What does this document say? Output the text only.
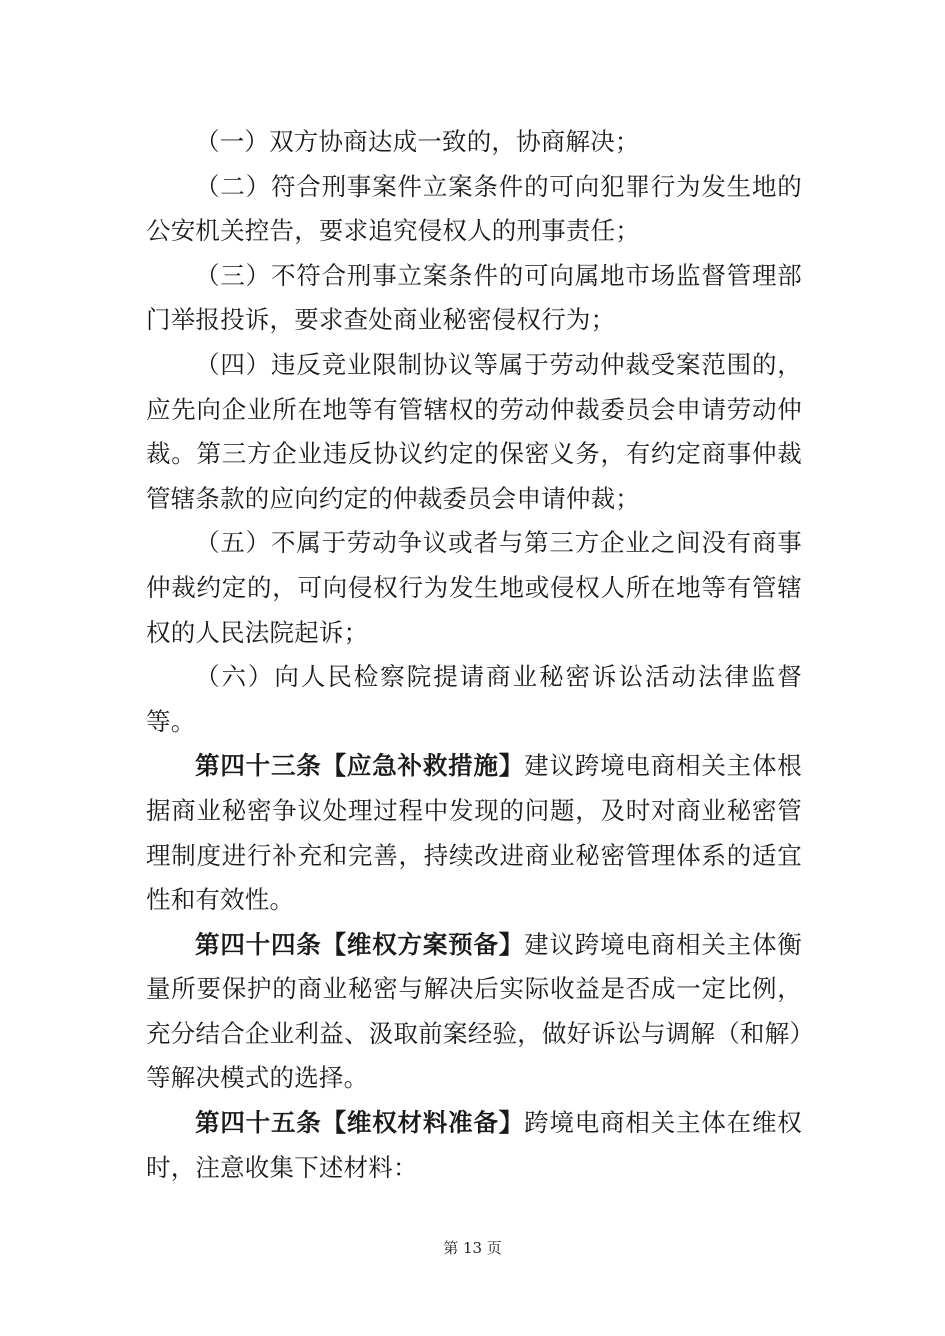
（一）双方协商达成一致的，协商解决；

（二）符合刑事案件立案条件的可向犯罪行为发生地的公安机关控告，要求追究侵权人的刑事责任；

（三）不符合刑事立案条件的可向属地市场监督管理部门举报投诉，要求查处商业秘密侵权行为；

（四）违反竞业限制协议等属于劳动仲裁受案范围的，应先向企业所在地等有管辖权的劳动仲裁委员会申请劳动仲裁。第三方企业违反协议约定的保密义务，有约定商事仲裁管辖条款的应向约定的仲裁委员会申请仲裁；

（五）不属于劳动争议或者与第三方企业之间没有商事仲裁约定的，可向侵权行为发生地或侵权人所在地等有管辖权的人民法院起诉；

（六）向人民检察院提请商业秘密诉讼活动法律监督等。

第四十三条【应急补救措施】建议跨境电商相关主体根据商业秘密争议处理过程中发现的问题，及时对商业秘密管理制度进行补充和完善，持续改进商业秘密管理体系的适宜性和有效性。

第四十四条【维权方案预备】建议跨境电商相关主体衡量所要保护的商业秘密与解决后实际收益是否成一定比例，充分结合企业利益、汲取前案经验，做好诉讼与调解（和解）等解决模式的选择。

第四十五条【维权材料准备】跨境电商相关主体在维权时，注意收集下述材料：

第 13 页
